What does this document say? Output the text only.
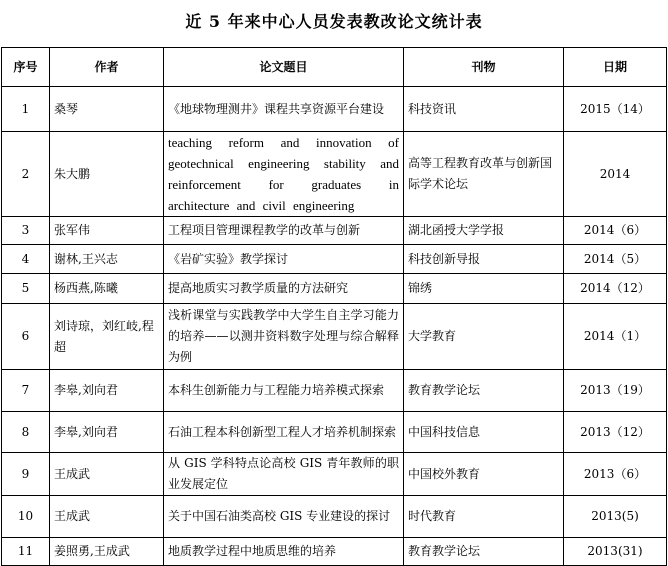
近 5 年来中心人员发表教改论文统计表
序号	作者	论文题目	刊物	日期
1	桑琴	《地球物理测井》课程共享资源平台建设	科技资讯	2015（14）
2	朱大鹏	teaching reform and innovation of geotechnical engineering stability and reinforcement for graduates in architecture and civil engineering	高等工程教育改革与创新国际学术论坛	2014
3	张军伟	工程项目管理课程教学的改革与创新	湖北函授大学学报	2014（6）
4	谢林,王兴志	《岩矿实验》教学探讨	科技创新导报	2014（5）
5	杨西燕,陈曦	提高地质实习教学质量的方法研究	锦绣	2014（12）
6	刘诗琼，刘红岐,程超	浅析课堂与实践教学中大学生自主学习能力的培养——以测井资料数字处理与综合解释为例	大学教育	2014（1）
7	李皋,刘向君	本科生创新能力与工程能力培养模式探索	教育教学论坛	2013（19）
8	李皋,刘向君	石油工程本科创新型工程人才培养机制探索	中国科技信息	2013（12）
9	王成武	从 GIS 学科特点论高校 GIS 青年教师的职业发展定位	中国校外教育	2013（6）
10	王成武	关于中国石油类高校 GIS 专业建设的探讨	时代教育	2013(5)
11	姜照勇,王成武	地质教学过程中地质思维的培养	教育教学论坛	2013(31)
